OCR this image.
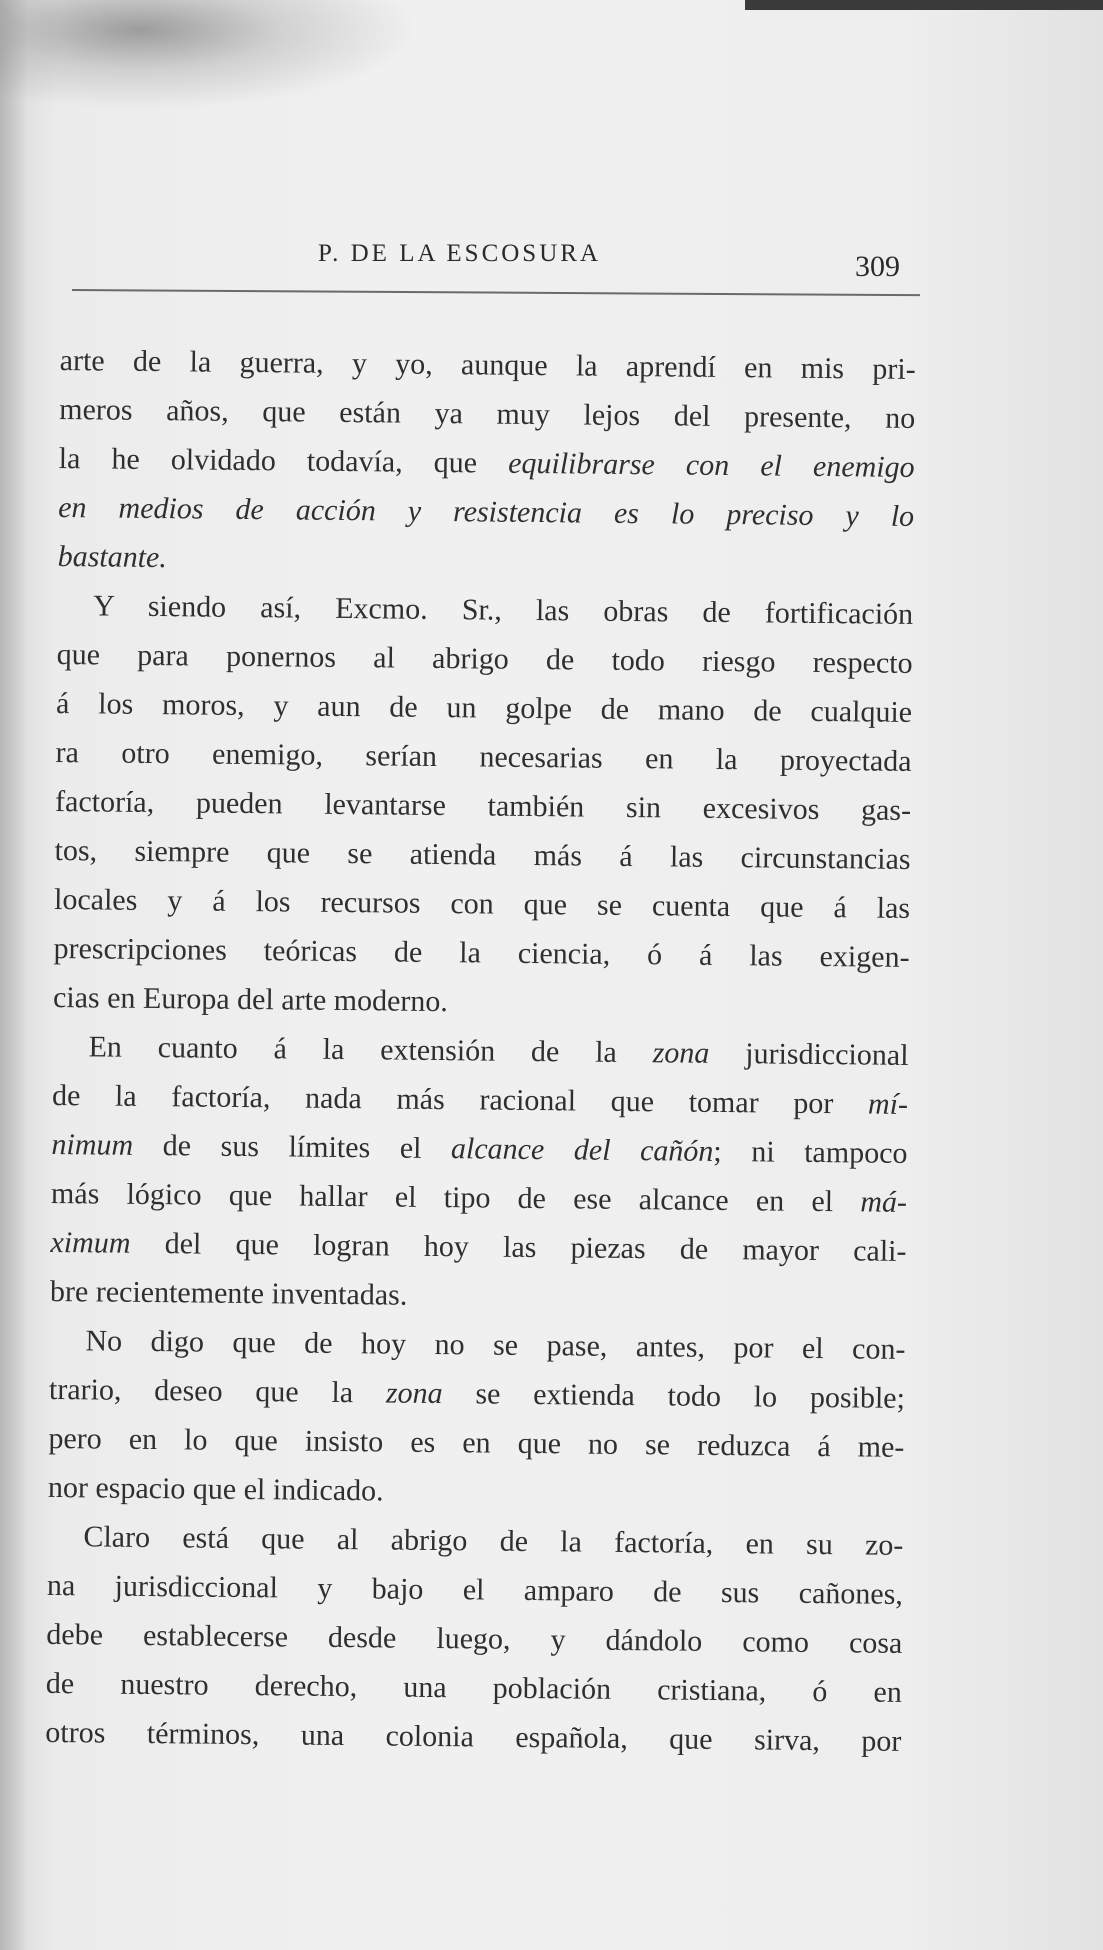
P. DE LA ESCOSURA	309
arte de la guerra, y yo, aunque la aprendí en mis pri-
meros años, que están ya muy lejos del presente, no
la he olvidado todavía, que equilibrarse con el enemigo
en medios de acción y resistencia es lo preciso y lo
bastante.
Y siendo así, Excmo. Sr., las obras de fortificación
que para ponernos al abrigo de todo riesgo respecto
á los moros, y aun de un golpe de mano de cualquie
ra otro enemigo, serían necesarias en la proyectada
factoría, pueden levantarse también sin excesivos gas-
tos, siempre que se atienda más á las circunstancias
locales y á los recursos con que se cuenta que á las
prescripciones teóricas de la ciencia, ó á las exigen-
cias en Europa del arte moderno.
En cuanto á la extensión de la zona jurisdiccional
de la factoría, nada más racional que tomar por mí-
nimum de sus límites el alcance del cañón; ni tampoco
más lógico que hallar el tipo de ese alcance en el má-
ximum del que logran hoy las piezas de mayor cali-
bre recientemente inventadas.
No digo que de hoy no se pase, antes, por el con-
trario, deseo que la zona se extienda todo lo posible;
pero en lo que insisto es en que no se reduzca á me-
nor espacio que el indicado.
Claro está que al abrigo de la factoría, en su zo-
na jurisdiccional y bajo el amparo de sus cañones,
debe establecerse desde luego, y dándolo como cosa
de nuestro derecho, una población cristiana, ó en
otros términos, una colonia española, que sirva, por
